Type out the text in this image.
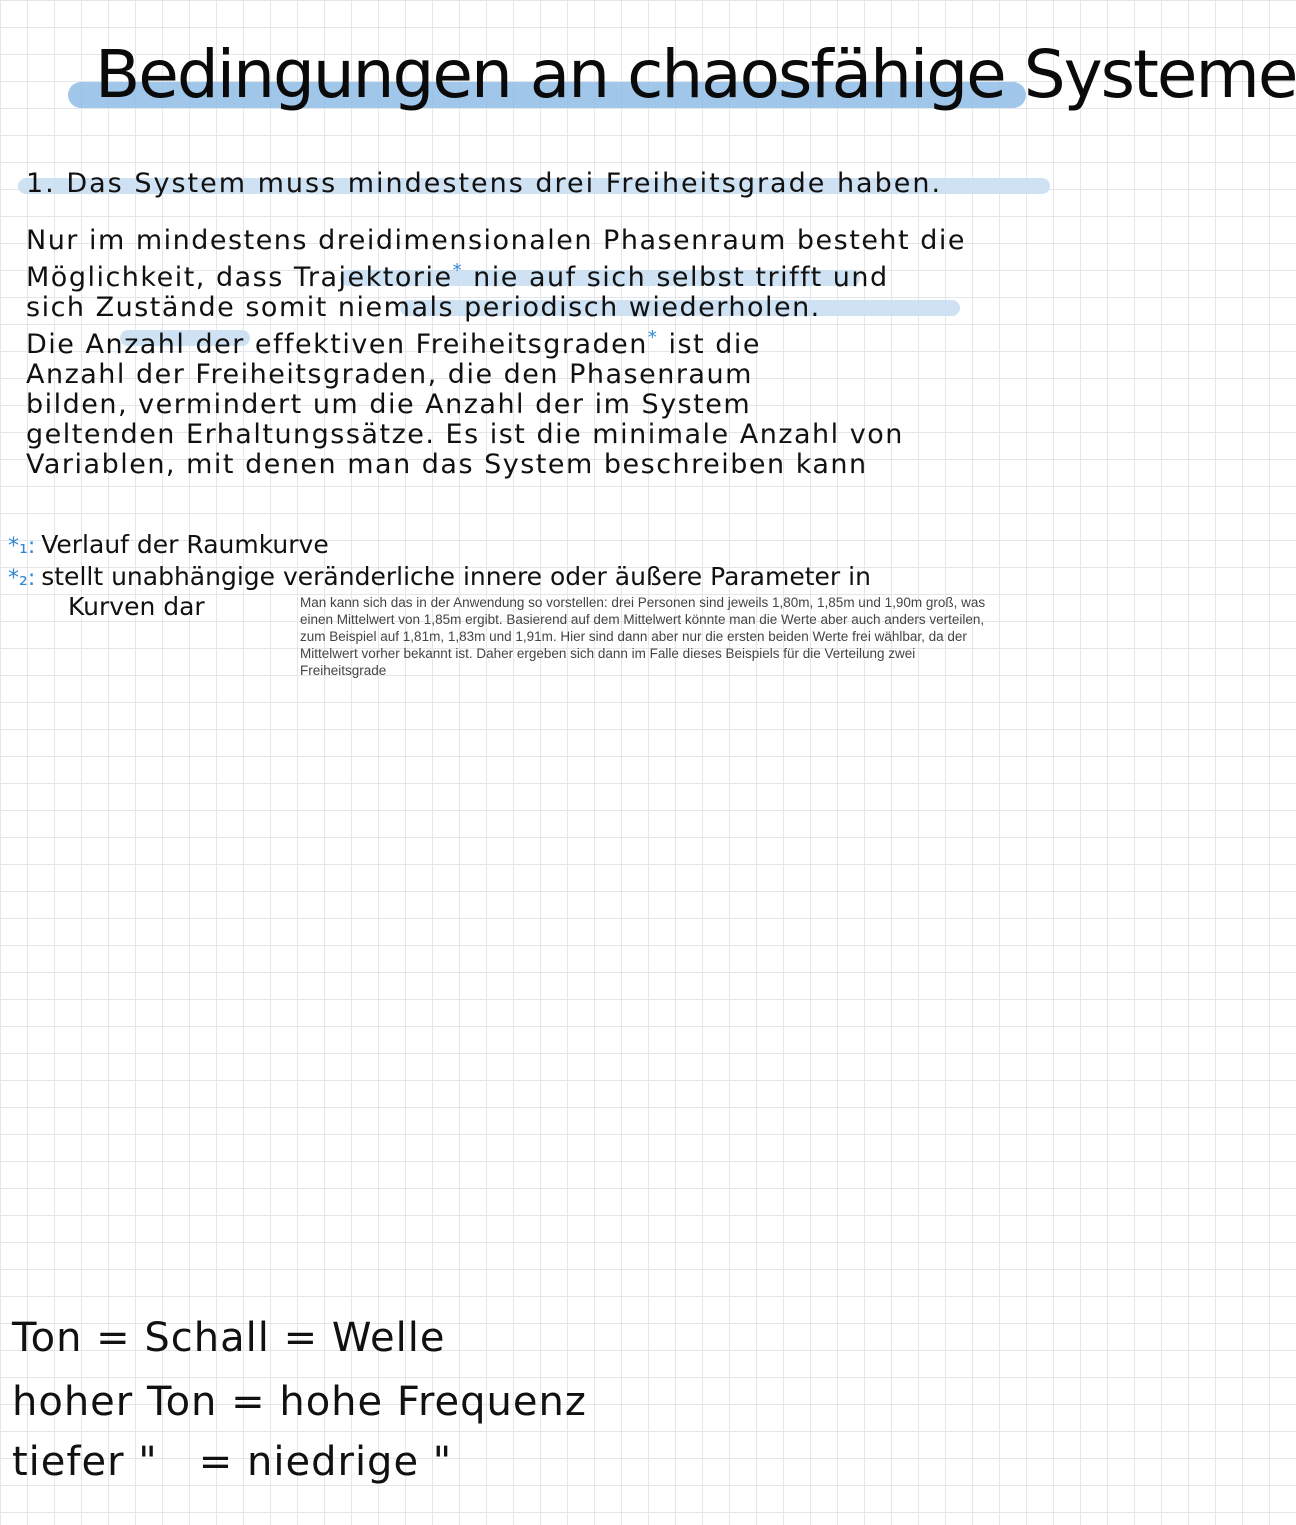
Bedingungen an chaosfähige Systeme
1. Das System muss mindestens drei Freiheitsgrade haben.
Nur im mindestens dreidimensionalen Phasenraum besteht die
Möglichkeit, dass Trajektorie* nie auf sich selbst trifft und
sich Zustände somit niemals periodisch wiederholen.
Die Anzahl der effektiven Freiheitsgraden* ist die
Anzahl der Freiheitsgraden, die den Phasenraum
bilden, vermindert um die Anzahl der im System
geltenden Erhaltungssätze. Es ist die minimale Anzahl von
Variablen, mit denen man das System beschreiben kann
*₁: Verlauf der Raumkurve
*₂: stellt unabhängige veränderliche innere oder äußere Parameter in
Kurven dar	Man kann sich das in der Anwendung so vorstellen: drei Personen sind jeweils 1,80m, 1,85m und 1,90m groß, was einen Mittelwert von 1,85m ergibt. Basierend auf dem Mittelwert könnte man die Werte aber auch anders verteilen, zum Beispiel auf 1,81m, 1,83m und 1,91m. Hier sind dann aber nur die ersten beiden Werte frei wählbar, da der Mittelwert vorher bekannt ist. Daher ergeben sich dann im Falle dieses Beispiels für die Verteilung zwei Freiheitsgrade
Ton = Schall = Welle
hoher Ton = hohe Frequenz
tiefer "   = niedrige "
